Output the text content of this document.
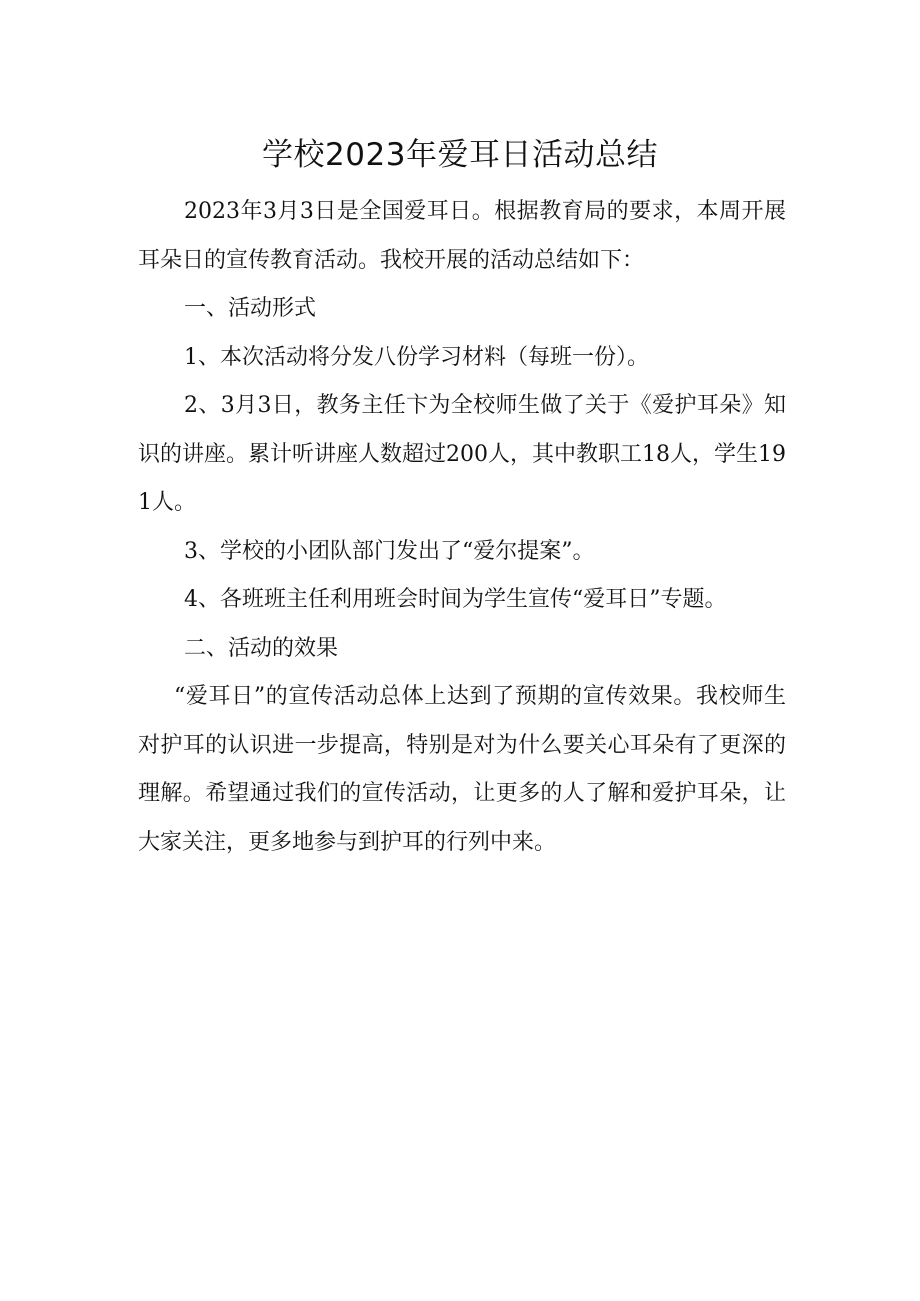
学校2023年爱耳日活动总结

2023年3月3日是全国爱耳日。根据教育局的要求，本周开展耳朵日的宣传教育活动。我校开展的活动总结如下：

一、活动形式

1、本次活动将分发八份学习材料（每班一份）。

2、3月3日，教务主任卞为全校师生做了关于《爱护耳朵》知识的讲座。累计听讲座人数超过200人，其中教职工18人，学生191人。

3、学校的小团队部门发出了“爱尔提案”。

4、各班班主任利用班会时间为学生宣传“爱耳日”专题。

二、活动的效果

“爱耳日”的宣传活动总体上达到了预期的宣传效果。我校师生对护耳的认识进一步提高，特别是对为什么要关心耳朵有了更深的理解。希望通过我们的宣传活动，让更多的人了解和爱护耳朵，让大家关注，更多地参与到护耳的行列中来。
